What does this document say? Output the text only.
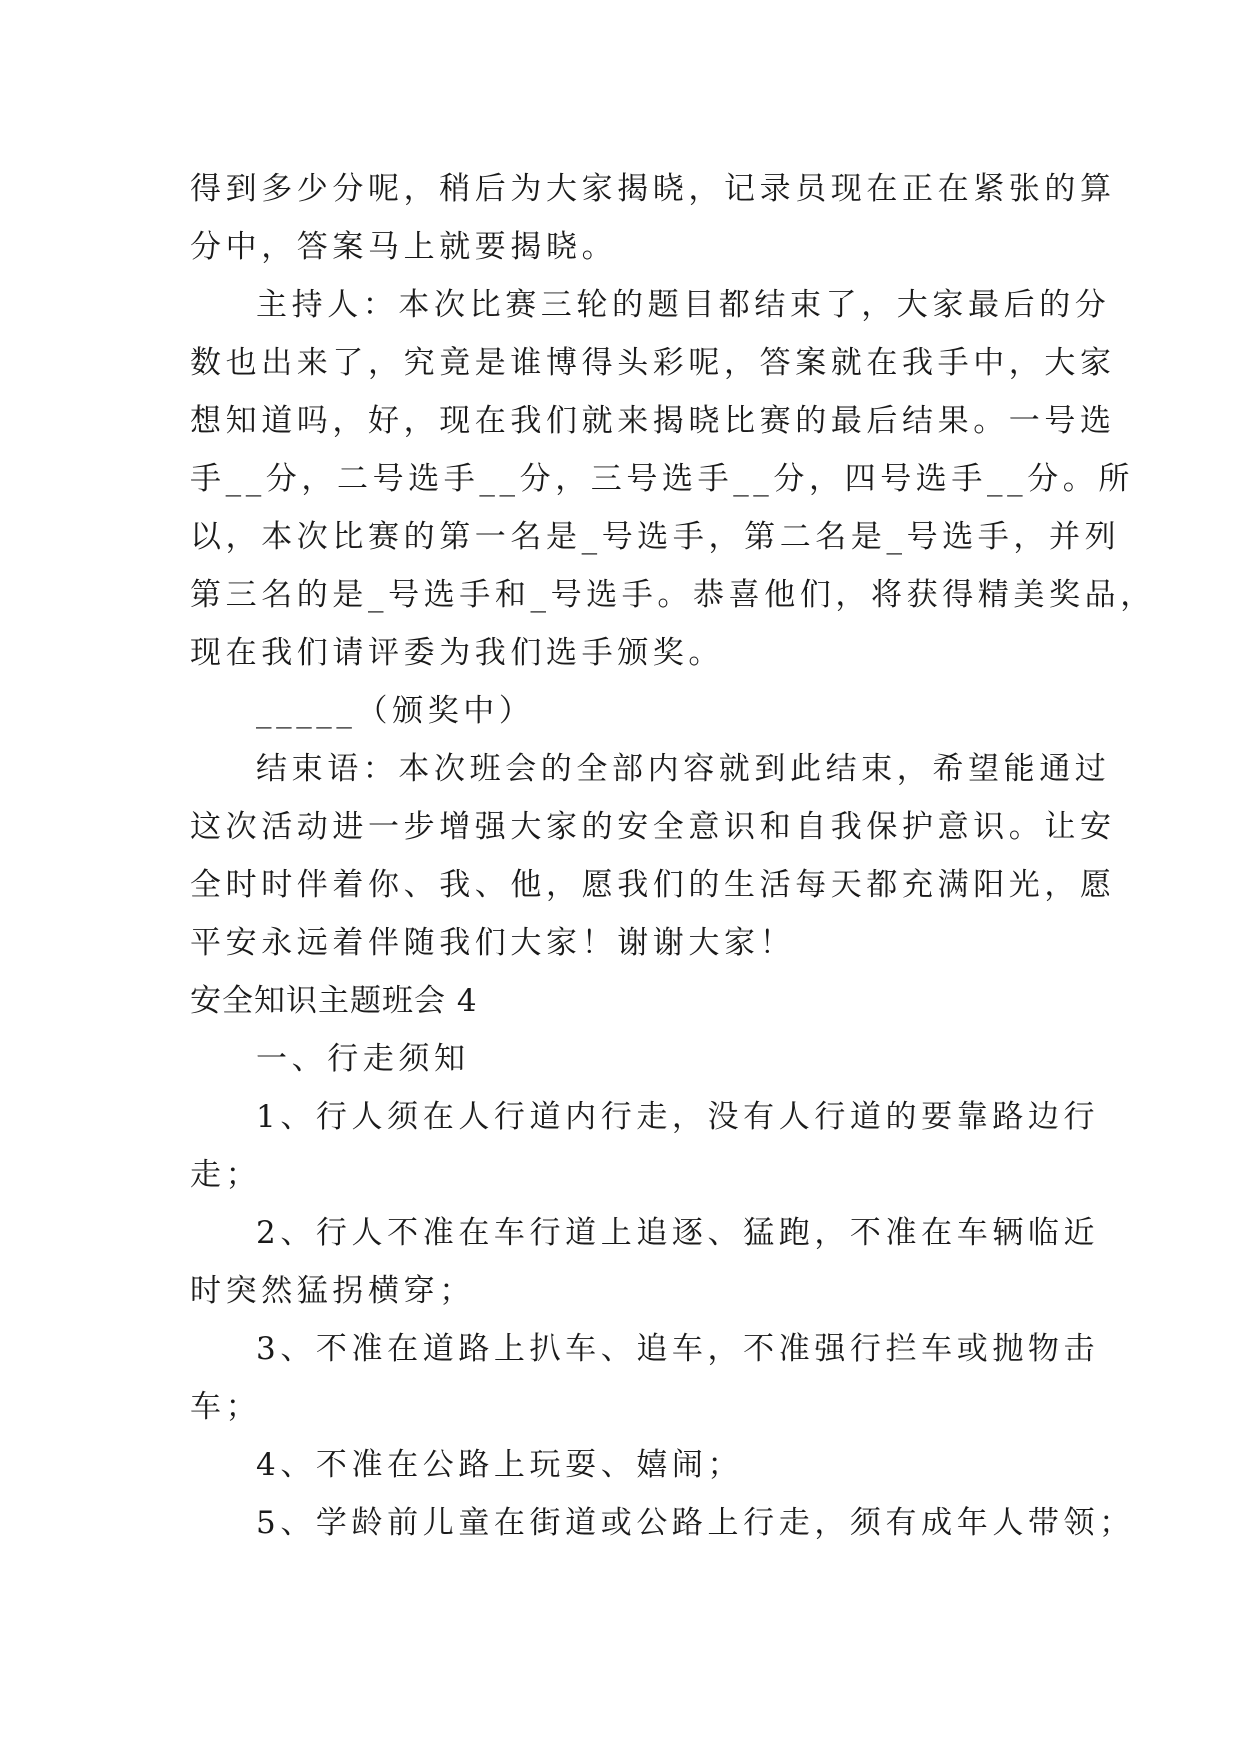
得到多少分呢，稍后为大家揭晓，记录员现在正在紧张的算
分中，答案马上就要揭晓。
主持人：本次比赛三轮的题目都结束了，大家最后的分
数也出来了，究竟是谁博得头彩呢，答案就在我手中，大家
想知道吗，好，现在我们就来揭晓比赛的最后结果。一号选
手__分，二号选手__分，三号选手__分，四号选手__分。所
以，本次比赛的第一名是_号选手，第二名是_号选手，并列
第三名的是_号选手和_号选手。恭喜他们，将获得精美奖品，
现在我们请评委为我们选手颁奖。
_____（颁奖中）
结束语：本次班会的全部内容就到此结束，希望能通过
这次活动进一步增强大家的安全意识和自我保护意识。让安
全时时伴着你、我、他，愿我们的生活每天都充满阳光，愿
平安永远着伴随我们大家！谢谢大家！
安全知识主题班会 4
一、行走须知
1、行人须在人行道内行走，没有人行道的要靠路边行
走；
2、行人不准在车行道上追逐、猛跑，不准在车辆临近
时突然猛拐横穿；
3、不准在道路上扒车、追车，不准强行拦车或抛物击
车；
4、不准在公路上玩耍、嬉闹；
5、学龄前儿童在街道或公路上行走，须有成年人带领；
